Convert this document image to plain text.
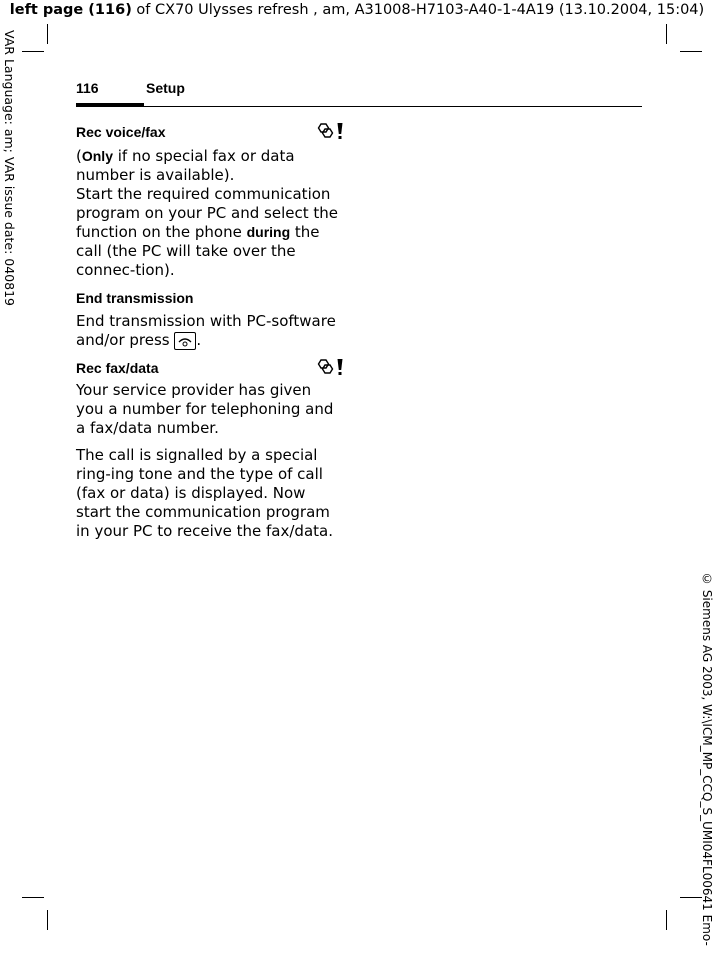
left page (116) of CX70 Ulysses refresh , am, A31008-H7103-A40-1-4A19 (13.10.2004, 15:04)
VAR Language: am; VAR issue date: 040819
© Siemens AG 2003, W:\ICM_MP_CCQ_S_UMI04FL00641 Emo-
116	Setup
Rec voice/fax

(Only if no special fax or data number is available).
Start the required communication program on your PC and select the function on the phone during the call (the PC will take over the connec-tion).

End transmission

End transmission with PC-software and/or press .

Rec fax/data

Your service provider has given you a number for telephoning and a fax/data number.

The call is signalled by a special ring-ing tone and the type of call (fax or data) is displayed. Now start the communication program in your PC to receive the fax/data.
